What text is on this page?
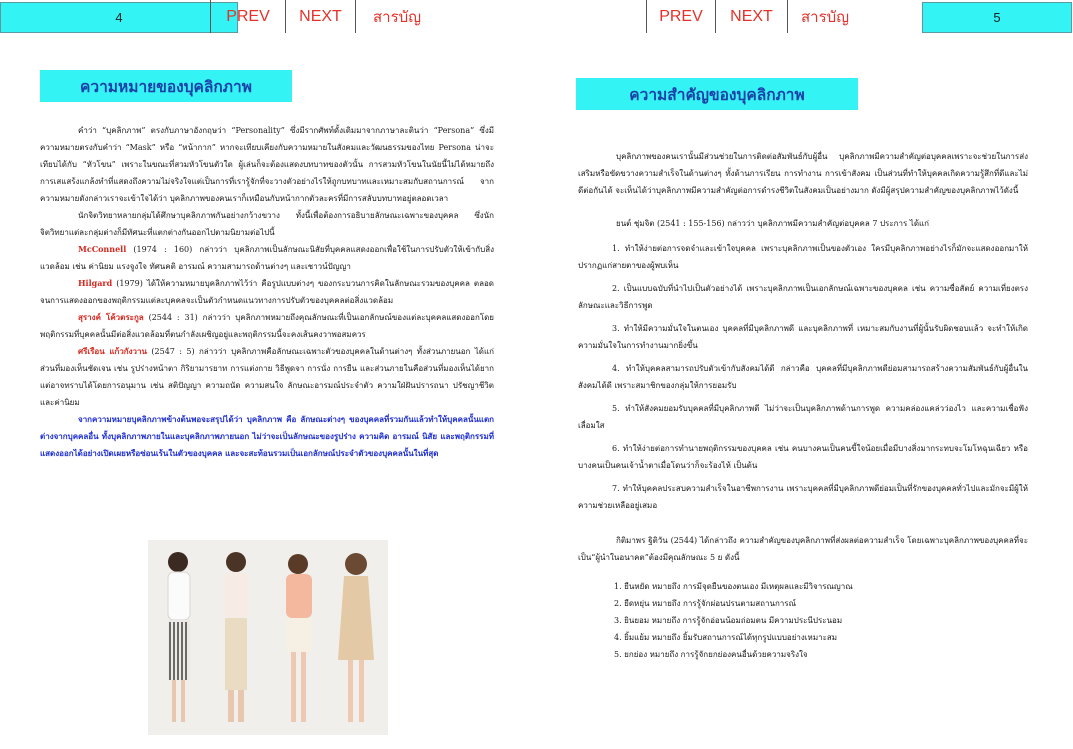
4	PREV	NEXT	สารบัญ	PREV	NEXT	สารบัญ	5
ความหมายของบุคลิกภาพ

คำว่า “บุคลิกภาพ” ตรงกับภาษาอังกฤษว่า “Personality” ซึ่งมีรากศัพท์ดั้งเดิมมาจากภาษาละตินว่า “Persona” ซึ่งมีความหมายตรงกับคำว่า “Mask” หรือ “หน้ากาก” หากจะเทียบเคียงกับความหมายในสังคมและวัฒนธรรมของไทย Persona น่าจะเทียบได้กับ “หัวโขน” เพราะในขณะที่สวมหัวโขนตัวใด ผู้เล่นก็จะต้องแสดงบทบาทของตัวนั้น การสวมหัวโขนในนัยนี้ไม่ได้หมายถึง การเสแสร้งแกล้งทำที่แสดงถึงความไม่จริงใจแต่เป็นการที่เรารู้จักที่จะวางตัวอย่างไรให้ถูกบทบาทและเหมาะสมกับสถานการณ์ จากความหมายดังกล่าวเราจะเข้าใจได้ว่า บุคลิกภาพของคนเราก็เหมือนกับหน้ากากตัวละครที่มีการสลับบทบาทอยู่ตลอดเวลา

นักจิตวิทยาหลายกลุ่มได้ศึกษาบุคลิกภาพกันอย่างกว้างขวาง ทั้งนี้เพื่อต้องการอธิบายลักษณะเฉพาะของบุคคล ซึ่งนักจิตวิทยาแต่ละกลุ่มต่างก็มีทัศนะที่แตกต่างกันออกไปตามนิยามต่อไปนี้

McConnell (1974 : 160) กล่าวว่า บุคลิกภาพเป็นลักษณะนิสัยที่บุคคลแสดงออกเพื่อใช้ในการปรับตัวให้เข้ากับสิ่งแวดล้อม เช่น ค่านิยม แรงจูงใจ ทัศนคติ อารมณ์ ความสามารถด้านต่างๆ และเชาวน์ปัญญา

Hilgard (1979) ได้ให้ความหมายบุคลิกภาพไว้ว่า คือรูปแบบต่างๆ ของกระบวนการคิดในลักษณะรวมของบุคคล ตลอดจนการแสดงออกของพฤติกรรมแต่ละบุคคลจะเป็นตัวกำหนดแนวทางการปรับตัวของบุคคลต่อสิ่งแวดล้อม

สุรางค์ โค้วตระกูล (2544 : 31) กล่าวว่า บุคลิกภาพหมายถึงคุณลักษณะที่เป็นเอกลักษณ์ของแต่ละบุคคลแสดงออกโดยพฤติกรรมที่บุคคลนั้นมีต่อสิ่งแวดล้อมที่ตนกำลังเผชิญอยู่และพฤติกรรมนี้จะคงเส้นคงวาพอสมควร

ศรีเรือน แก้วกังวาน (2547 : 5) กล่าวว่า บุคลิกภาพคือลักษณะเฉพาะตัวของบุคคลในด้านต่างๆ ทั้งส่วนภายนอก ได้แก่ ส่วนที่มองเห็นชัดเจน เช่น รูปร่างหน้าตา กิริยามารยาท การแต่งกาย วิธีพูดจา การนั่ง การยืน และส่วนภายในคือส่วนที่มองเห็นได้ยาก แต่อาจทราบได้โดยการอนุมาน เช่น สติปัญญา ความถนัด ความสนใจ ลักษณะอารมณ์ประจำตัว ความใฝ่ฝันปรารถนา ปรัชญาชีวิต และค่านิยม

จากความหมายบุคลิกภาพข้างต้นพอจะสรุปได้ว่า บุคลิกภาพ คือ ลักษณะต่างๆ ของบุคคลที่รวมกันแล้วทำให้บุคคลนั้นแตกต่างจากบุคคลอื่น ทั้งบุคลิกภาพภายในและบุคลิกภาพภายนอก ไม่ว่าจะเป็นลักษณะของรูปร่าง ความคิด อารมณ์ นิสัย และพฤติกรรมที่แสดงออกได้อย่างเปิดเผยหรือซ่อนเร้นในตัวของบุคคล และจะสะท้อนรวมเป็นเอกลักษณ์ประจำตัวของบุคคลนั้นในที่สุด

ความสำคัญของบุคลิกภาพ

บุคลิกภาพของคนเรานั้นมีส่วนช่วยในการติดต่อสัมพันธ์กับผู้อื่น บุคลิกภาพมีความสำคัญต่อบุคคลเพราะจะช่วยในการส่งเสริมหรือขัดขวางความสำเร็จในด้านต่างๆ ทั้งด้านการเรียน การทำงาน การเข้าสังคม เป็นส่วนที่ทำให้บุคคลเกิดความรู้สึกที่ดีและไม่ดีต่อกันได้ จะเห็นได้ว่าบุคลิกภาพมีความสำคัญต่อการดำรงชีวิตในสังคมเป็นอย่างมาก ดังมีผู้สรุปความสำคัญของบุคลิกภาพไว้ดังนี้

ยนต์ ชุ่มจิต (2541 : 155-156) กล่าวว่า บุคลิกภาพมีความสำคัญต่อบุคคล 7 ประการ ได้แก่

1. ทำให้ง่ายต่อการจดจำและเข้าใจบุคคล เพราะบุคลิกภาพเป็นของตัวเอง ใครมีบุคลิกภาพอย่างไรก็มักจะแสดงออกมาให้ปรากฏแก่สายตาของผู้พบเห็น
2. เป็นแบบฉบับที่นำไปเป็นตัวอย่างได้ เพราะบุคลิกภาพเป็นเอกลักษณ์เฉพาะของบุคคล เช่น ความซื่อสัตย์ ความเที่ยงตรง ลักษณะและวิธีการพูด
3. ทำให้มีความมั่นใจในตนเอง บุคคลที่มีบุคลิกภาพดี และบุคลิกภาพที่ เหมาะสมกับงานที่ผู้นั้นรับผิดชอบแล้ว จะทำให้เกิดความมั่นใจในการทำงานมากยิ่งขึ้น
4. ทำให้บุคคลสามารถปรับตัวเข้ากับสังคมได้ดี กล่าวคือ บุคคลที่มีบุคลิกภาพดีย่อมสามารถสร้างความสัมพันธ์กับผู้อื่นในสังคมได้ดี เพราะสมาชิกของกลุ่มให้การยอมรับ
5. ทำให้สังคมยอมรับบุคคลที่มีบุคลิกภาพดี ไม่ว่าจะเป็นบุคลิกภาพด้านการพูด ความคล่องแคล่วว่องไว และความเชื่อฟังเลื่อมใส
6. ทำให้ง่ายต่อการทำนายพฤติกรรมของบุคคล เช่น คนบางคนเป็นคนขี้ใจน้อยเมื่อมีบางสิ่งมากระทบจะโมโหฉุนเฉียว หรือบางคนเป็นคนเจ้าน้ำตาเมื่อโดนว่าก็จะร้องไห้ เป็นต้น
7. ทำให้บุคคลประสบความสำเร็จในอาชีพการงาน เพราะบุคคลที่มีบุคลิกภาพดีย่อมเป็นที่รักของบุคคลทั่วไปและมักจะมีผู้ให้ความช่วยเหลืออยู่เสมอ

กิติมาพร ฐิติวัน (2544) ได้กล่าวถึง ความสำคัญของบุคลิกภาพที่ส่งผลต่อความสำเร็จ โดยเฉพาะบุคลิกภาพของบุคคลที่จะเป็น“ผู้นำในอนาคต”ต้องมีคุณลักษณะ 5 ย ดังนี้

1. ยืนหยัด หมายถึง การมีจุดยืนของตนเอง มีเหตุผลและมีวิจารณญาณ
2. ยืดหยุ่น หมายถึง การรู้จักผ่อนปรนตามสถานการณ์
3. ยินยอม หมายถึง การรู้จักอ่อนน้อมถ่อมตน มีความประนีประนอม
4. ยิ้มแย้ม หมายถึง ยิ้มรับสถานการณ์ได้ทุกรูปแบบอย่างเหมาะสม
5. ยกย่อง หมายถึง การรู้จักยกย่องคนอื่นด้วยความจริงใจ
